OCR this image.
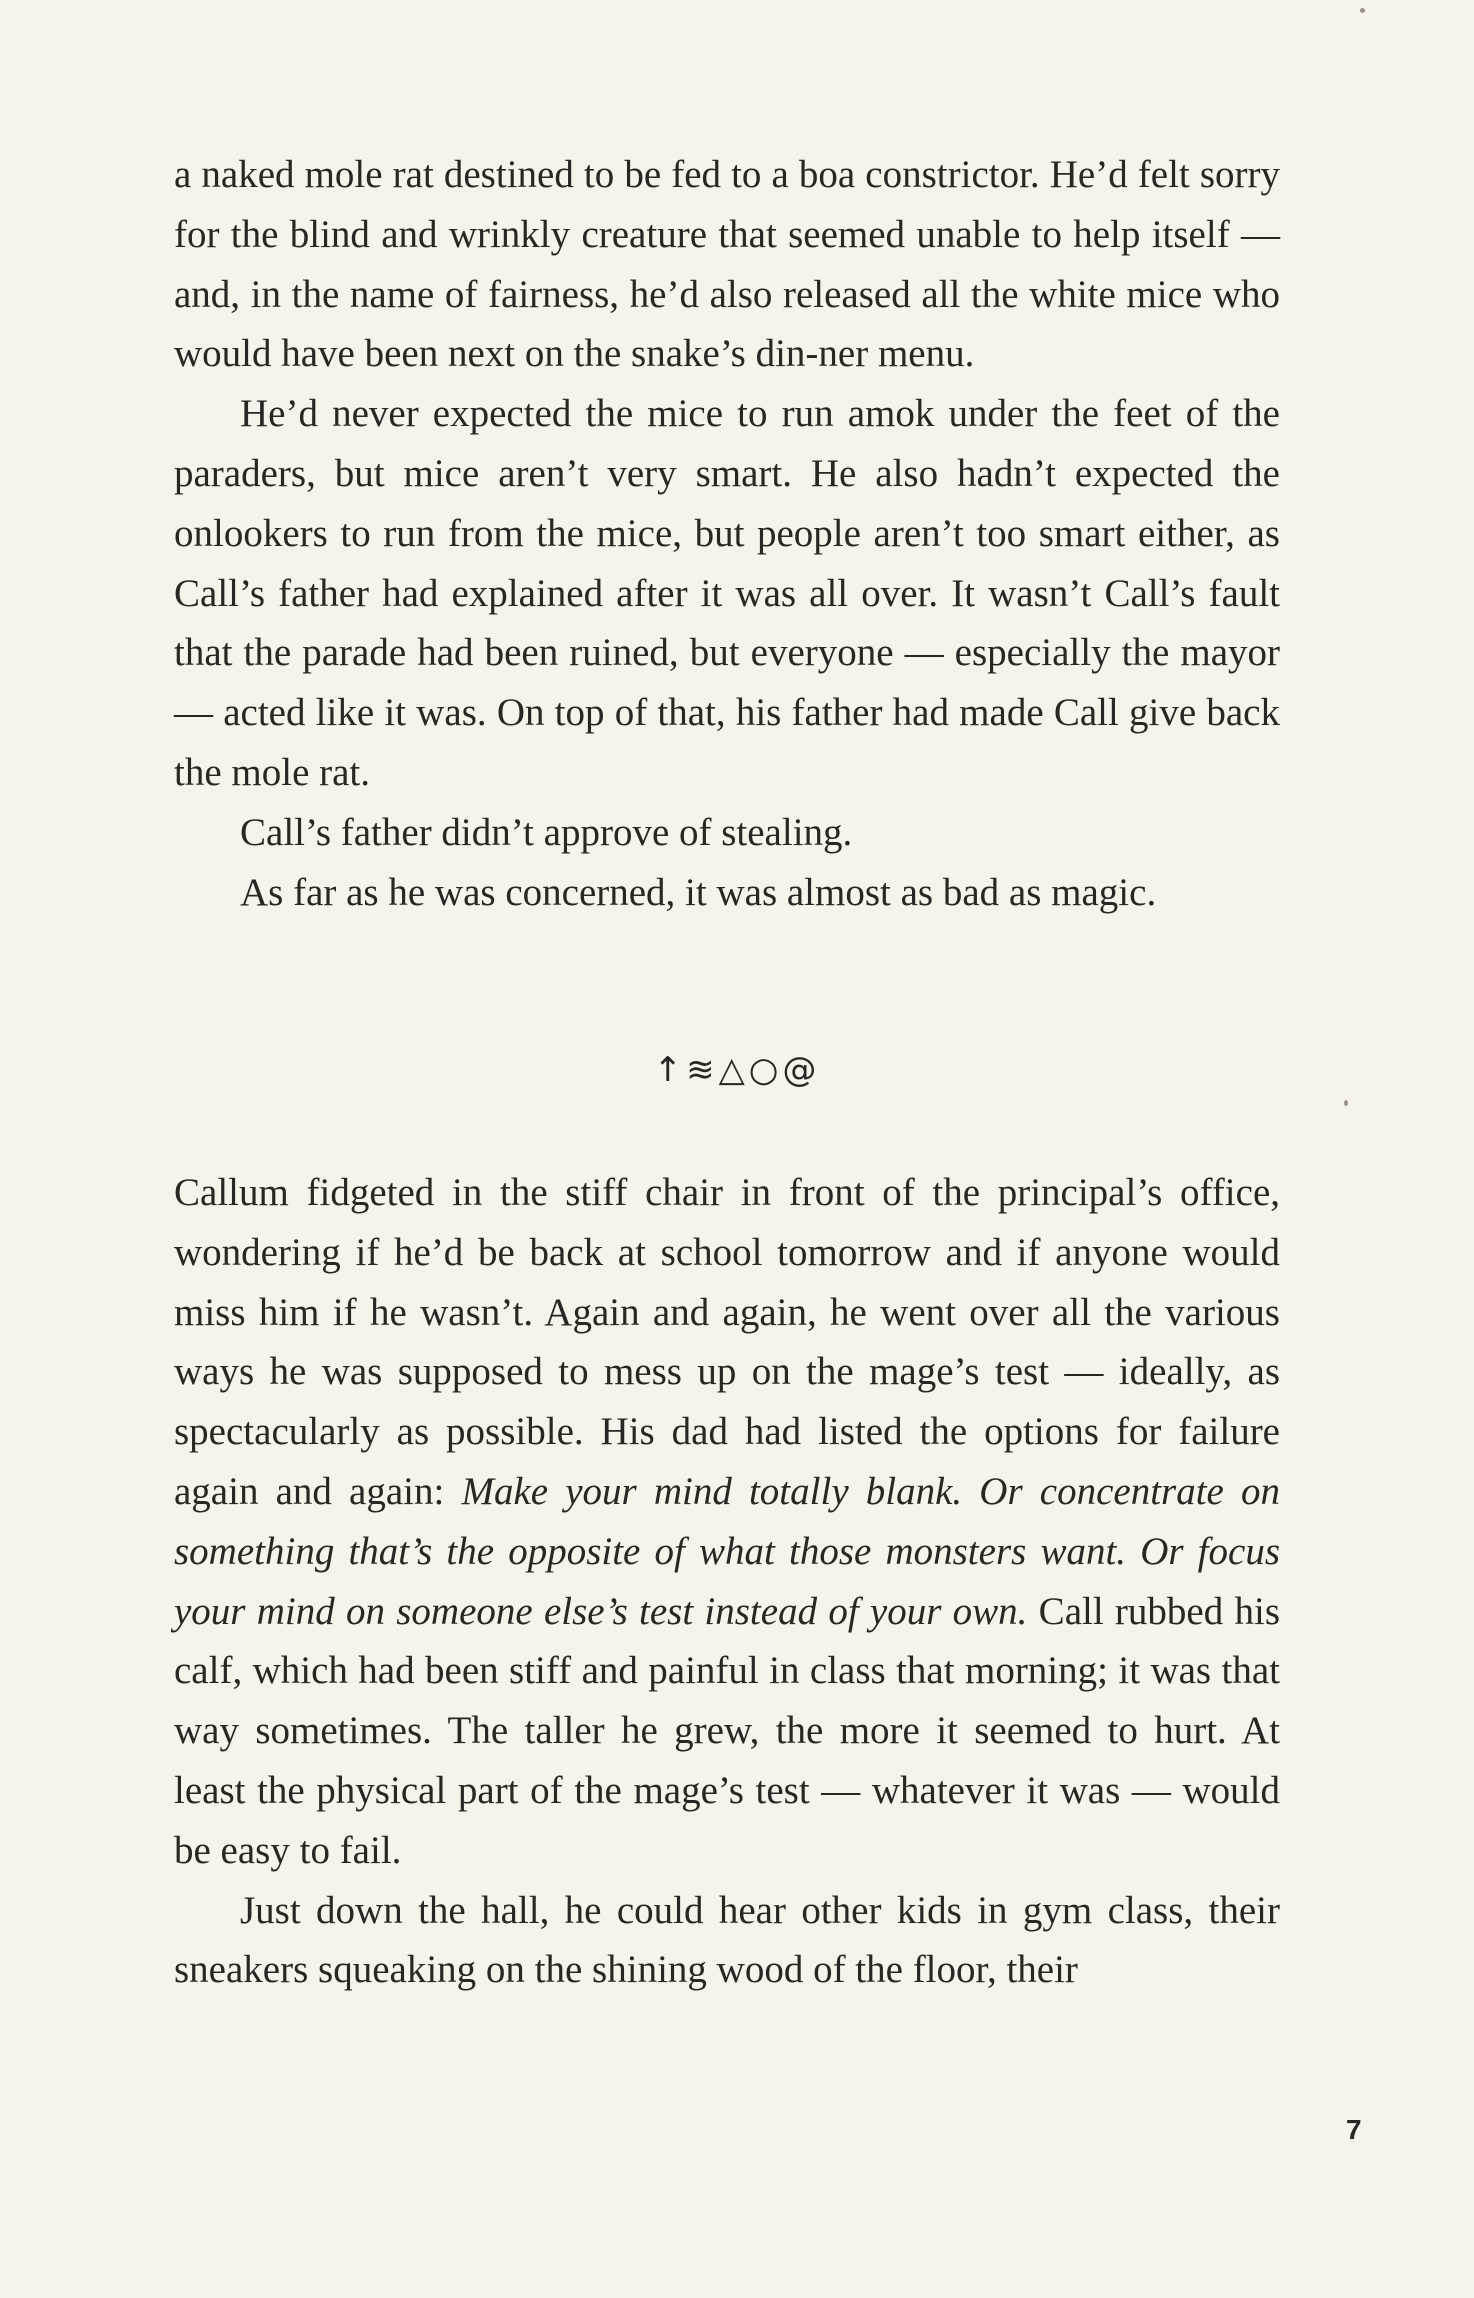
a naked mole rat destined to be fed to a boa constrictor. He’d felt sorry for the blind and wrinkly creature that seemed unable to help itself — and, in the name of fairness, he’d also released all the white mice who would have been next on the snake’s din-ner menu.

He’d never expected the mice to run amok under the feet of the paraders, but mice aren’t very smart. He also hadn’t expected the onlookers to run from the mice, but people aren’t too smart either, as Call’s father had explained after it was all over. It wasn’t Call’s fault that the parade had been ruined, but everyone — especially the mayor — acted like it was. On top of that, his father had made Call give back the mole rat.

Call’s father didn’t approve of stealing.

As far as he was concerned, it was almost as bad as magic.

↑≋△○@

Callum fidgeted in the stiff chair in front of the principal’s office, wondering if he’d be back at school tomorrow and if anyone would miss him if he wasn’t. Again and again, he went over all the various ways he was supposed to mess up on the mage’s test — ideally, as spectacularly as possible. His dad had listed the options for failure again and again: Make your mind totally blank. Or concentrate on something that’s the opposite of what those monsters want. Or focus your mind on someone else’s test instead of your own. Call rubbed his calf, which had been stiff and painful in class that morning; it was that way sometimes. The taller he grew, the more it seemed to hurt. At least the physical part of the mage’s test — whatever it was — would be easy to fail.

Just down the hall, he could hear other kids in gym class, their sneakers squeaking on the shining wood of the floor, their

7
